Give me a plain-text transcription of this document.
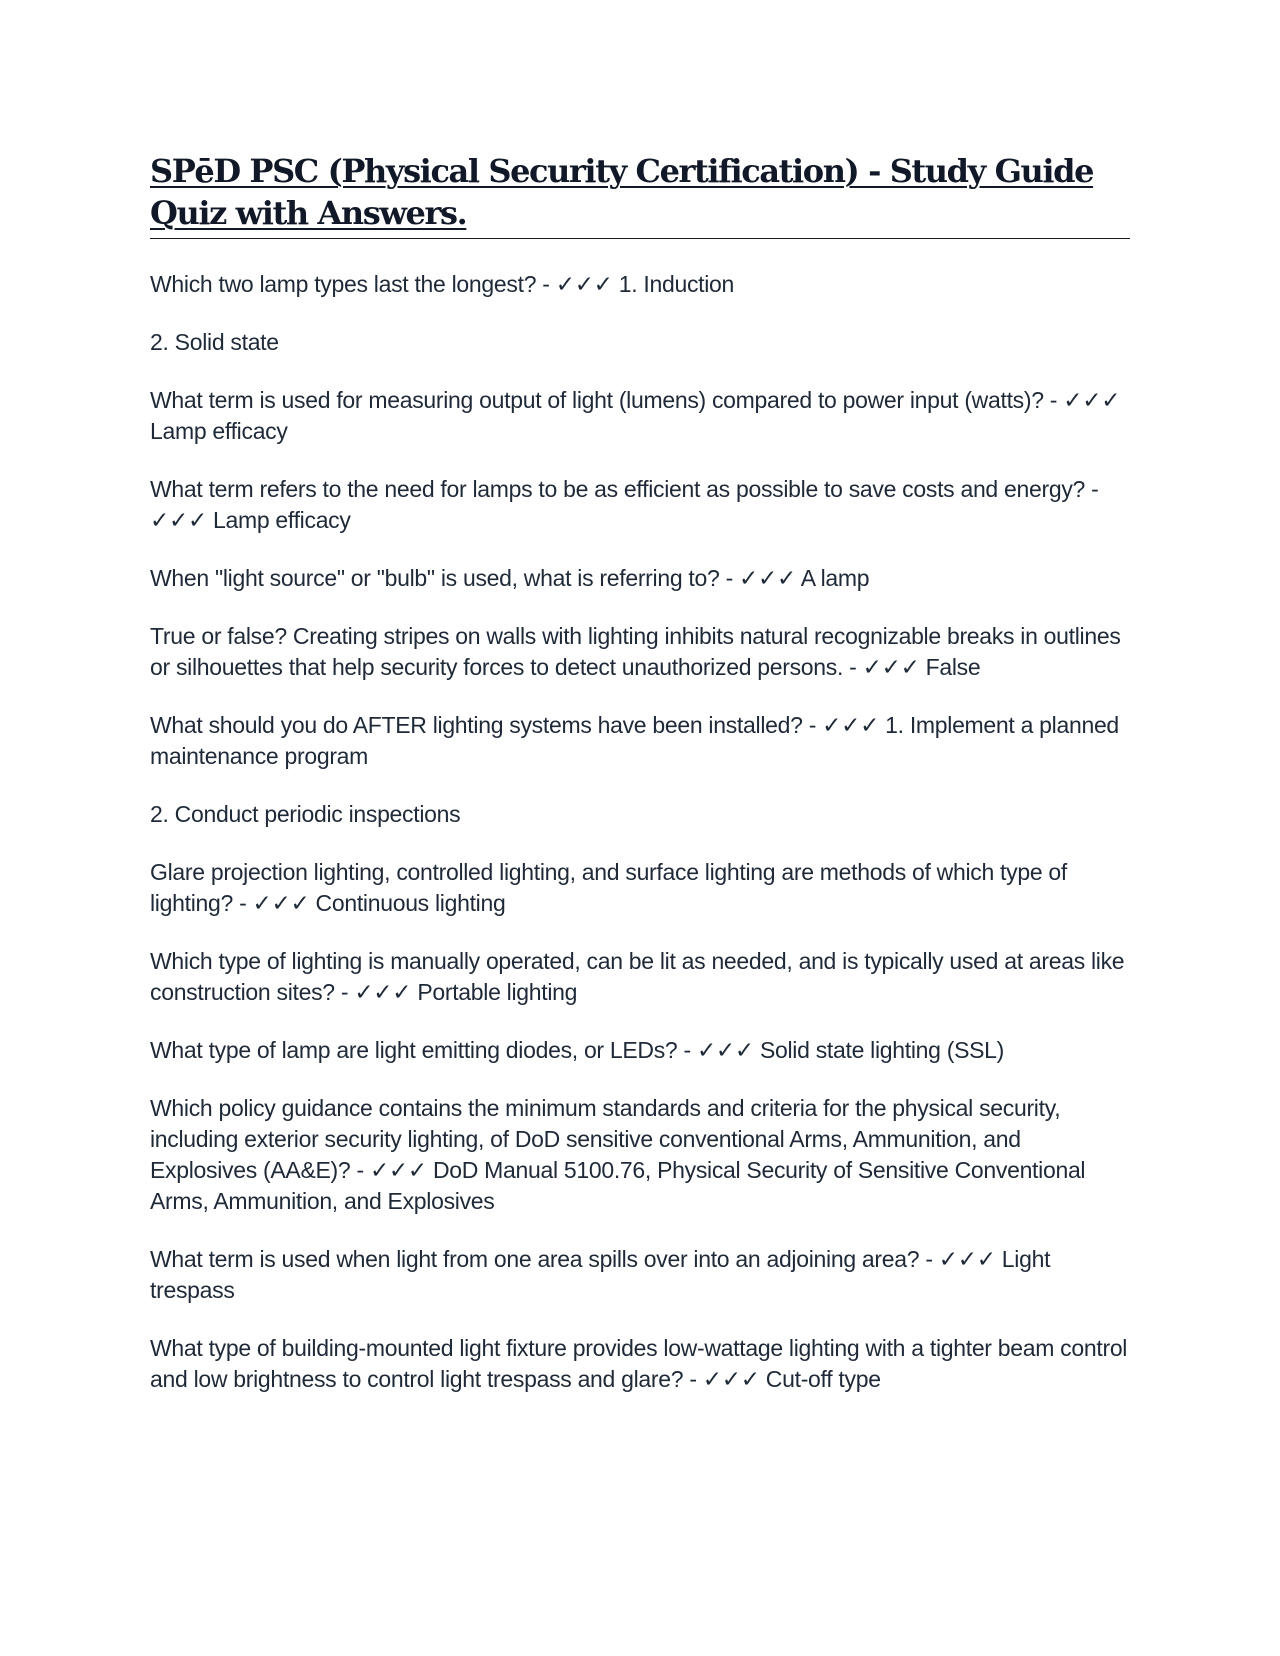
SPēD PSC (Physical Security Certification) - Study Guide Quiz with Answers.

Which two lamp types last the longest? - ✓✓✓ 1. Induction

2. Solid state

What term is used for measuring output of light (lumens) compared to power input (watts)? - ✓✓✓ Lamp efficacy

What term refers to the need for lamps to be as efficient as possible to save costs and energy? - ✓✓✓ Lamp efficacy

When "light source" or "bulb" is used, what is referring to? - ✓✓✓ A lamp

True or false? Creating stripes on walls with lighting inhibits natural recognizable breaks in outlines or silhouettes that help security forces to detect unauthorized persons. - ✓✓✓ False

What should you do AFTER lighting systems have been installed? - ✓✓✓ 1. Implement a planned maintenance program

2. Conduct periodic inspections

Glare projection lighting, controlled lighting, and surface lighting are methods of which type of lighting? - ✓✓✓ Continuous lighting

Which type of lighting is manually operated, can be lit as needed, and is typically used at areas like construction sites? - ✓✓✓ Portable lighting

What type of lamp are light emitting diodes, or LEDs? - ✓✓✓ Solid state lighting (SSL)

Which policy guidance contains the minimum standards and criteria for the physical security, including exterior security lighting, of DoD sensitive conventional Arms, Ammunition, and Explosives (AA&E)? - ✓✓✓ DoD Manual 5100.76, Physical Security of Sensitive Conventional Arms, Ammunition, and Explosives

What term is used when light from one area spills over into an adjoining area? - ✓✓✓ Light trespass

What type of building-mounted light fixture provides low-wattage lighting with a tighter beam control and low brightness to control light trespass and glare? - ✓✓✓ Cut-off type
